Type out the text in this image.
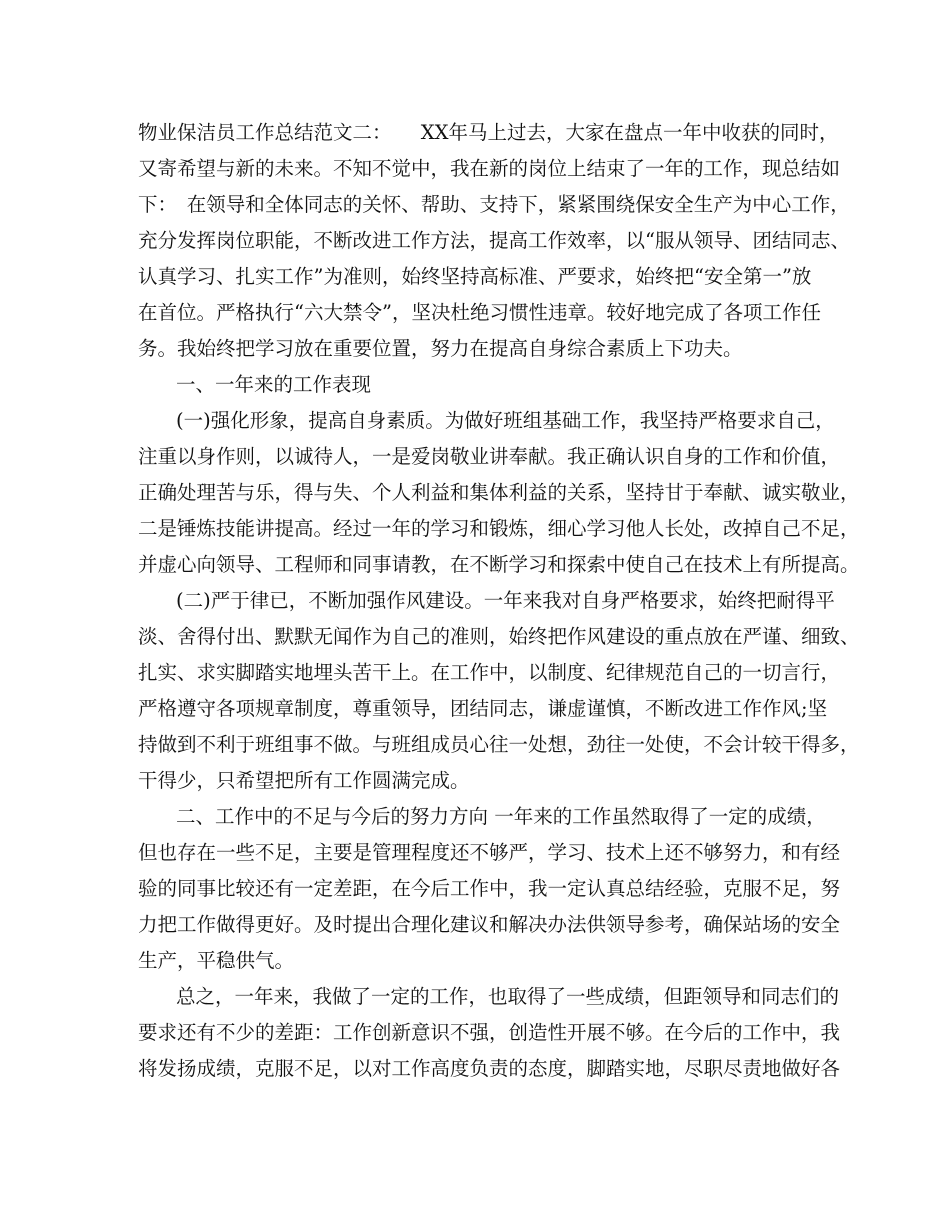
物业保洁员工作总结范文二：　　XX年马上过去，大家在盘点一年中收获的同时，
又寄希望与新的未来。不知不觉中，我在新的岗位上结束了一年的工作，现总结如
下：　在领导和全体同志的关怀、帮助、支持下，紧紧围绕保安全生产为中心工作，
充分发挥岗位职能，不断改进工作方法，提高工作效率，以“服从领导、团结同志、
认真学习、扎实工作”为准则，始终坚持高标准、严要求，始终把“安全第一”放
在首位。严格执行“六大禁令”，坚决杜绝习惯性违章。较好地完成了各项工作任
务。我始终把学习放在重要位置，努力在提高自身综合素质上下功夫。
一、一年来的工作表现
(一)强化形象，提高自身素质。为做好班组基础工作，我坚持严格要求自己，
注重以身作则，以诚待人，一是爱岗敬业讲奉献。我正确认识自身的工作和价值，
正确处理苦与乐，得与失、个人利益和集体利益的关系，坚持甘于奉献、诚实敬业，
二是锤炼技能讲提高。经过一年的学习和锻炼，细心学习他人长处，改掉自己不足，
并虚心向领导、工程师和同事请教，在不断学习和探索中使自己在技术上有所提高。
(二)严于律已，不断加强作风建设。一年来我对自身严格要求，始终把耐得平
淡、舍得付出、默默无闻作为自己的准则，始终把作风建设的重点放在严谨、细致、
扎实、求实脚踏实地埋头苦干上。在工作中，以制度、纪律规范自己的一切言行，
严格遵守各项规章制度，尊重领导，团结同志，谦虚谨慎，不断改进工作作风;坚
持做到不利于班组事不做。与班组成员心往一处想，劲往一处使，不会计较干得多，
干得少，只希望把所有工作圆满完成。
二、工作中的不足与今后的努力方向 一年来的工作虽然取得了一定的成绩，
但也存在一些不足，主要是管理程度还不够严，学习、技术上还不够努力，和有经
验的同事比较还有一定差距，在今后工作中，我一定认真总结经验，克服不足，努
力把工作做得更好。及时提出合理化建议和解决办法供领导参考，确保站场的安全
生产，平稳供气。
总之，一年来，我做了一定的工作，也取得了一些成绩，但距领导和同志们的
要求还有不少的差距：工作创新意识不强，创造性开展不够。在今后的工作中，我
将发扬成绩，克服不足，以对工作高度负责的态度，脚踏实地，尽职尽责地做好各
